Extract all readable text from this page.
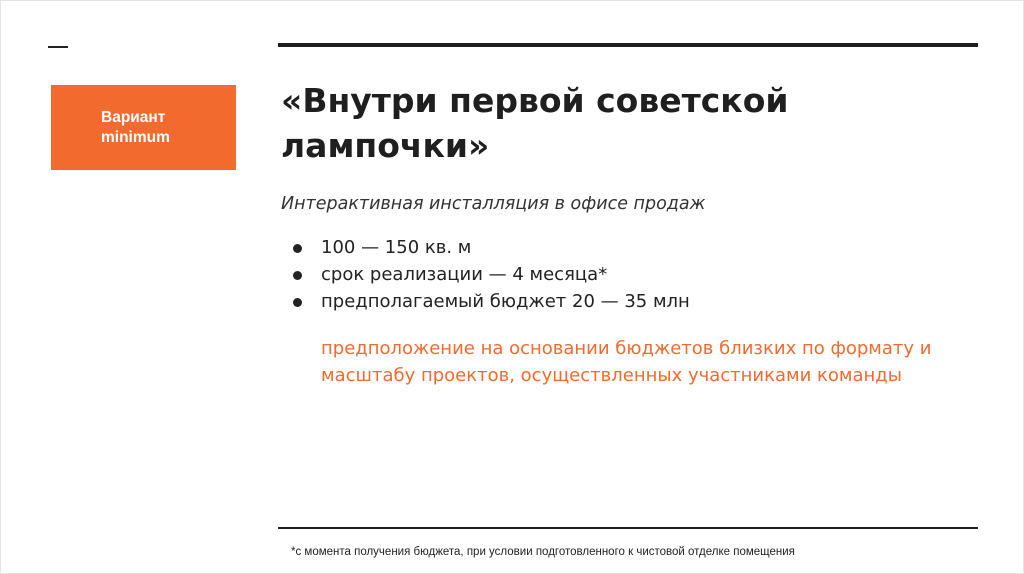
Вариант
minimum
«Внутри первой советской
лампочки»

Интерактивная инсталляция в офисе продаж

100 — 150 кв. м
срок реализации — 4 месяца*
предполагаемый бюджет 20 — 35 млн

предположение на основании бюджетов близких по формату и масштабу проектов, осуществленных участниками команды

*с момента получения бюджета, при условии подготовленного к чистовой отделке помещения
